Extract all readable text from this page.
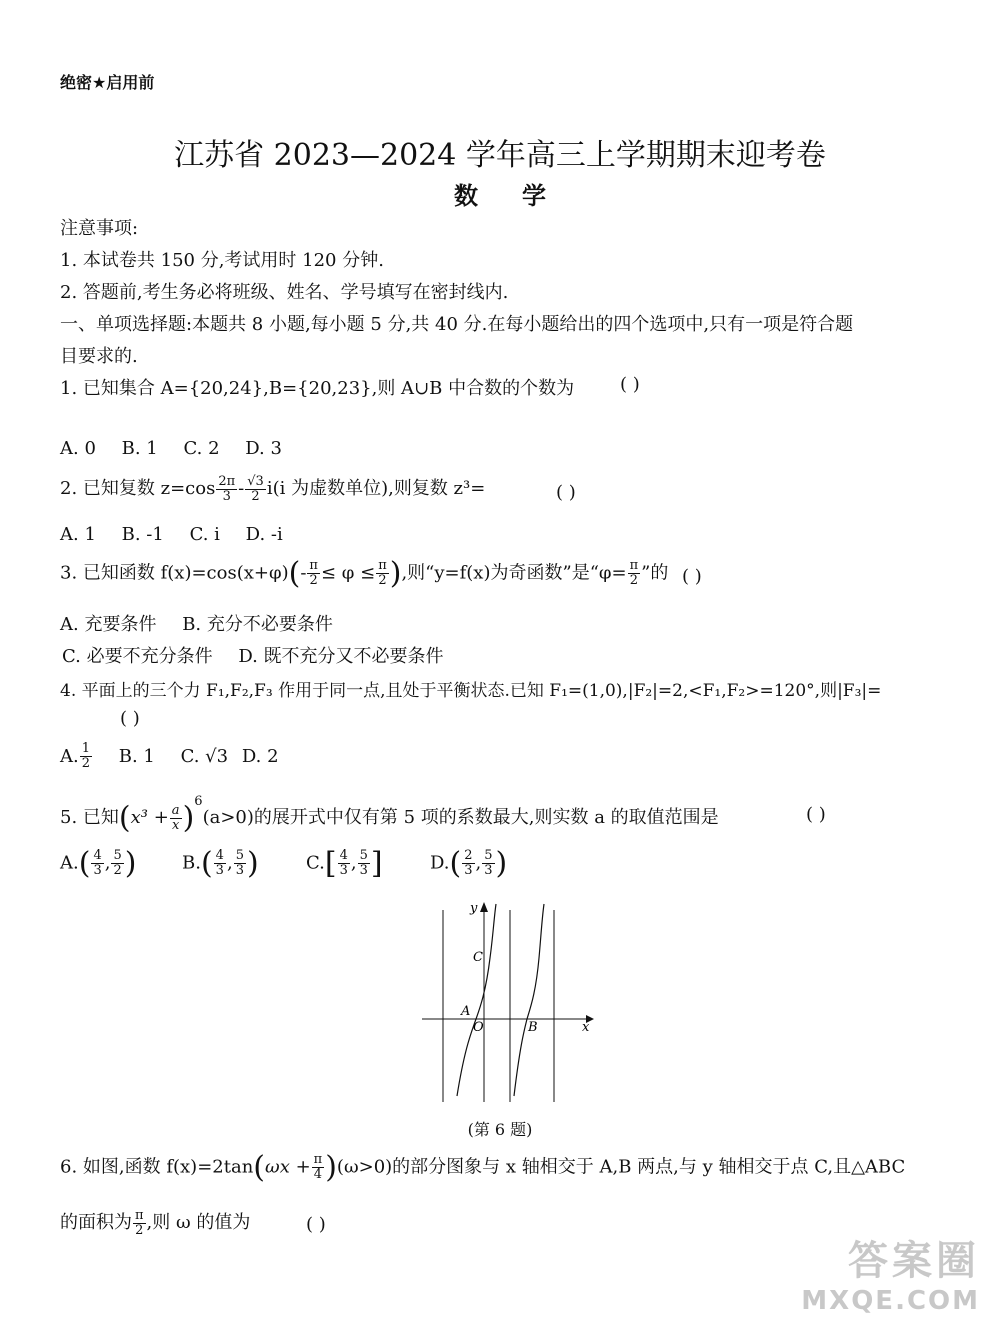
绝密★启用前
江苏省 2023—2024 学年高三上学期期末迎考卷
数学
注意事项:
1. 本试卷共 150 分,考试用时 120 分钟.
2. 答题前,考生务必将班级、姓名、学号填写在密封线内.
一、单项选择题:本题共 8 小题,每小题 5 分,共 40 分.在每小题给出的四个选项中,只有一项是符合题
目要求的.
1. 已知集合 A={20,24},B={20,23},则 A∪B 中合数的个数为	( )
A. 0 B. 1 C. 2 D. 3
2. 已知复数 $z=\cos \frac{2\pi}{3} - \frac{√3}{2} i(i$ 为虚数单位),则复数 z³=	( )
A. 1 B. -1 C. i D. -i
3. 已知函数 $f(x)=\cos(x+\varphi)(- \frac{\pi}{2} \le \varphi \le \frac{\pi}{2}$ ),则“y=f(x)为奇函数”是“$\varphi= \frac{\pi}{2}$ ”的 ( )
A. 充要条件 B. 充分不必要条件
C. 必要不充分条件 D. 既不充分又不必要条件
4. 平面上的三个力 F₁,F₂,F₃ 作用于同一点,且处于平衡状态.已知 F₁=(1,0),|F₂|=2,<F₁,F₂>=120°,则|F₃|=
( )
A. $\frac{1}{2} B$. 1 C. √3 D. 2
5. 已知$(x^3 + \frac{a}{x} )^6(a>0)$的展开式中仅有第 5 项的系数最大,则实数 a 的取值范围是	( )
$A.( \frac{4}{3}$ , $\frac{5}{2}$ )	$B.( \frac{4}{3}$ , $\frac{5}{3}$ )	$C.[ \frac{4}{3}$ , $\frac{5}{3}$ ]	$D.( \frac{2}{3}$ , $\frac{5}{3}$ )
y
x
C
A
O	B
(第 6 题)
6. 如图,函数 $f(x)=2\tan(\omega x + \frac{\pi}{4} )(\omega>0)$的部分图象与 x 轴相交于 A,B 两点,与 y 轴相交于点 C,且△ABC
的面积为 $\frac{\pi}{2}$ ,则 ω 的值为	( )
答案圈
MXQE.COM
